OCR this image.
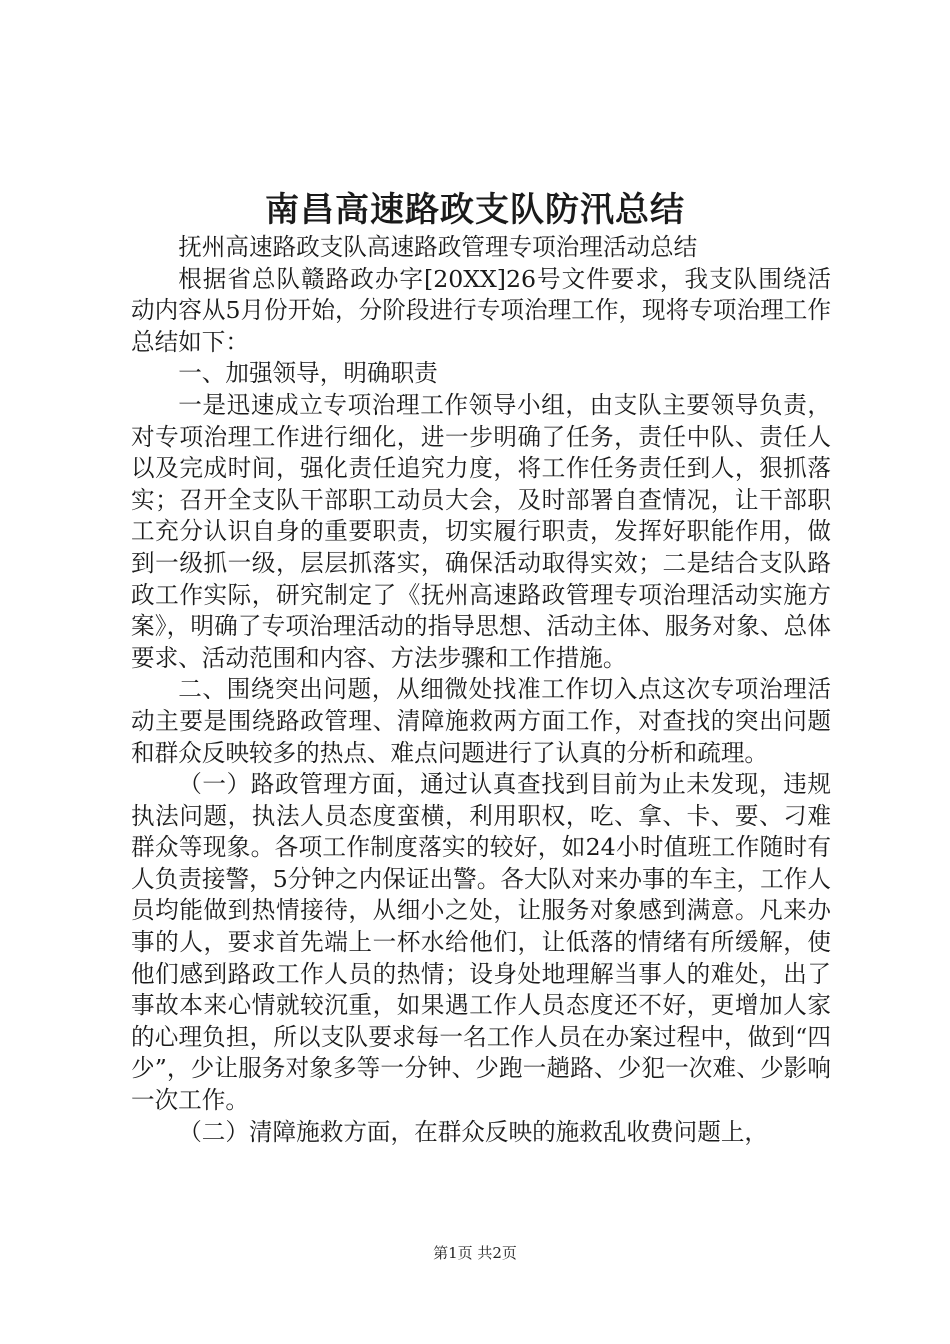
南昌高速路政支队防汛总结

抚州高速路政支队高速路政管理专项治理活动总结

根据省总队赣路政办字[20XX]26号文件要求，我支队围绕活动内容从5月份开始，分阶段进行专项治理工作，现将专项治理工作总结如下：

一、加强领导，明确职责

一是迅速成立专项治理工作领导小组，由支队主要领导负责，对专项治理工作进行细化，进一步明确了任务，责任中队、责任人以及完成时间，强化责任追究力度，将工作任务责任到人，狠抓落实；召开全支队干部职工动员大会，及时部署自查情况，让干部职工充分认识自身的重要职责，切实履行职责，发挥好职能作用，做到一级抓一级，层层抓落实，确保活动取得实效；二是结合支队路政工作实际，研究制定了《抚州高速路政管理专项治理活动实施方案》，明确了专项治理活动的指导思想、活动主体、服务对象、总体要求、活动范围和内容、方法步骤和工作措施。

二、围绕突出问题，从细微处找准工作切入点这次专项治理活动主要是围绕路政管理、清障施救两方面工作，对查找的突出问题和群众反映较多的热点、难点问题进行了认真的分析和疏理。

（一）路政管理方面，通过认真查找到目前为止未发现，违规执法问题，执法人员态度蛮横，利用职权，吃、拿、卡、要、刁难群众等现象。各项工作制度落实的较好，如24小时值班工作随时有人负责接警，5分钟之内保证出警。各大队对来办事的车主，工作人员均能做到热情接待，从细小之处，让服务对象感到满意。凡来办事的人，要求首先端上一杯水给他们，让低落的情绪有所缓解，使他们感到路政工作人员的热情；设身处地理解当事人的难处，出了事故本来心情就较沉重，如果遇工作人员态度还不好，更增加人家的心理负担，所以支队要求每一名工作人员在办案过程中，做到“四少”，少让服务对象多等一分钟、少跑一趟路、少犯一次难、少影响一次工作。

（二）清障施救方面，在群众反映的施救乱收费问题上，

第1页 共2页
